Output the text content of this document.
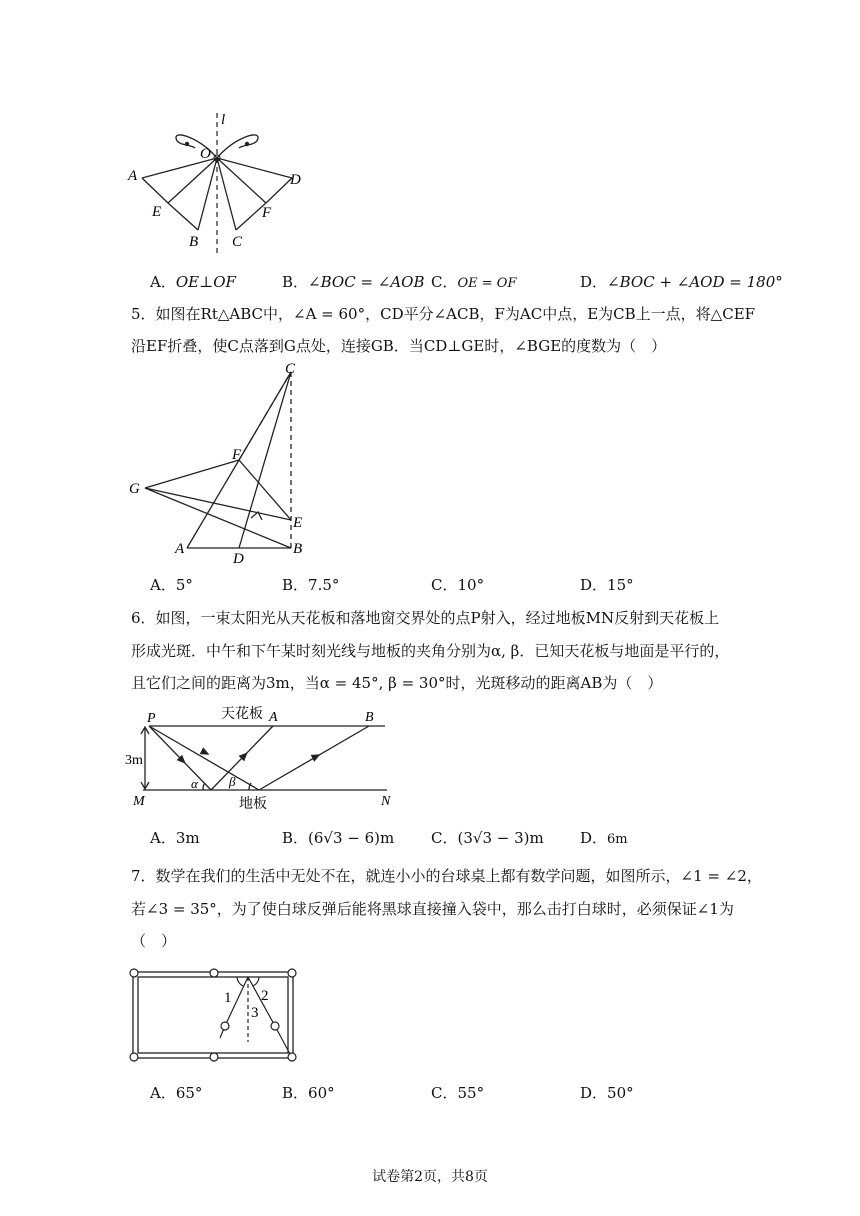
l
O
A
E
B C
F
D
A．OE⊥OF	B．∠BOC = ∠AOB C．OE = OF	D．∠BOC + ∠AOD = 180°
5．如图在Rt△ABC中，∠A = 60°，CD平分∠ACB，F为AC中点，E为CB上一点，将△CEF
沿EF折叠，使C点落到G点处，连接GB．当CD⊥GE时，∠BGE的度数为（　）
C
F
G
E
A
D
B
A．5°	B．7.5°	C．10°	D．15°
6．如图，一束太阳光从天花板和落地窗交界处的点P射入，经过地板MN反射到天花板上
形成光斑．中午和下午某时刻光线与地板的夹角分别为α, β．已知天花板与地面是平行的，
且它们之间的距离为3m，当α = 45°, β = 30°时，光斑移动的距离AB为（　）
P	天花板 A	B
3m
α β
M	地板	N
A．3m	B．(6√3 − 6)m C．(3√3 − 3)m D．6m
7．数学在我们的生活中无处不在，就连小小的台球桌上都有数学问题，如图所示，∠1 = ∠2，
若∠3 = 35°，为了使白球反弹后能将黑球直接撞入袋中，那么击打白球时，必须保证∠1为
（　）
1 2
3
A．65°	B．60°	C．55°	D．50°
试卷第2页，共8页
